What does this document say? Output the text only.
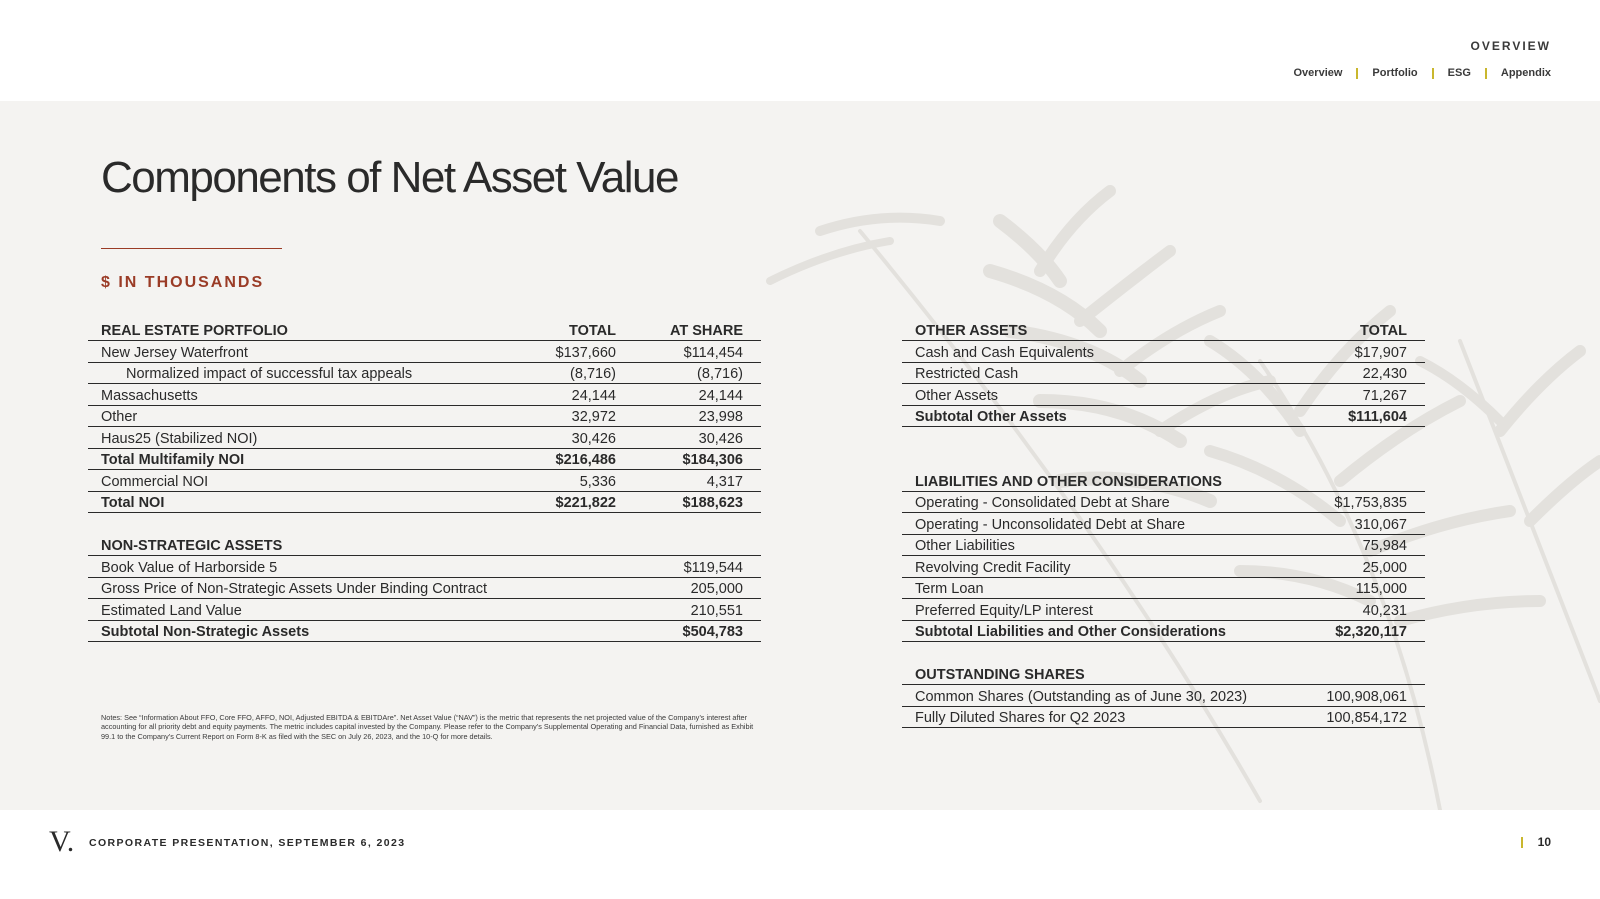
OVERVIEW
Overview	Portfolio	ESG	Appendix
Components of Net Asset Value
$ IN THOUSANDS
REAL ESTATE PORTFOLIO	TOTAL	AT SHARE
New Jersey Waterfront	$137,660	$114,454
Normalized impact of successful tax appeals	(8,716)	(8,716)
Massachusetts	24,144	24,144
Other	32,972	23,998
Haus25 (Stabilized NOI)	30,426	30,426
Total Multifamily NOI	$216,486	$184,306
Commercial NOI	5,336	4,317
Total NOI	$221,822	$188,623

NON-STRATEGIC ASSETS		
Book Value of Harborside 5		$119,544
Gross Price of Non-Strategic Assets Under Binding Contract		205,000
Estimated Land Value		210,551
Subtotal Non-Strategic Assets		$504,783
OTHER ASSETS	TOTAL
Cash and Cash Equivalents	$17,907
Restricted Cash	22,430
Other Assets	71,267
Subtotal Other Assets	$111,604

LIABILITIES AND OTHER CONSIDERATIONS	
Operating - Consolidated Debt at Share	$1,753,835
Operating - Unconsolidated Debt at Share	310,067
Other Liabilities	75,984
Revolving Credit Facility	25,000
Term Loan	115,000
Preferred Equity/LP interest	40,231
Subtotal Liabilities and Other Considerations	$2,320,117

OUTSTANDING SHARES	
Common Shares (Outstanding as of June 30, 2023)	100,908,061
Fully Diluted Shares for Q2 2023	100,854,172

Notes: See “Information About FFO, Core FFO, AFFO, NOI, Adjusted EBITDA & EBITDAre”. Net Asset Value (“NAV”) is the metric that represents the net projected value of the Company’s interest after accounting for all priority debt and equity payments. The metric includes capital invested by the Company. Please refer to the Company’s Supplemental Operating and Financial Data, furnished as Exhibit 99.1 to the Company’s Current Report on Form 8-K as filed with the SEC on July 26, 2023, and the 10-Q for more details.

V. CORPORATE PRESENTATION, SEPTEMBER 6, 2023	10
